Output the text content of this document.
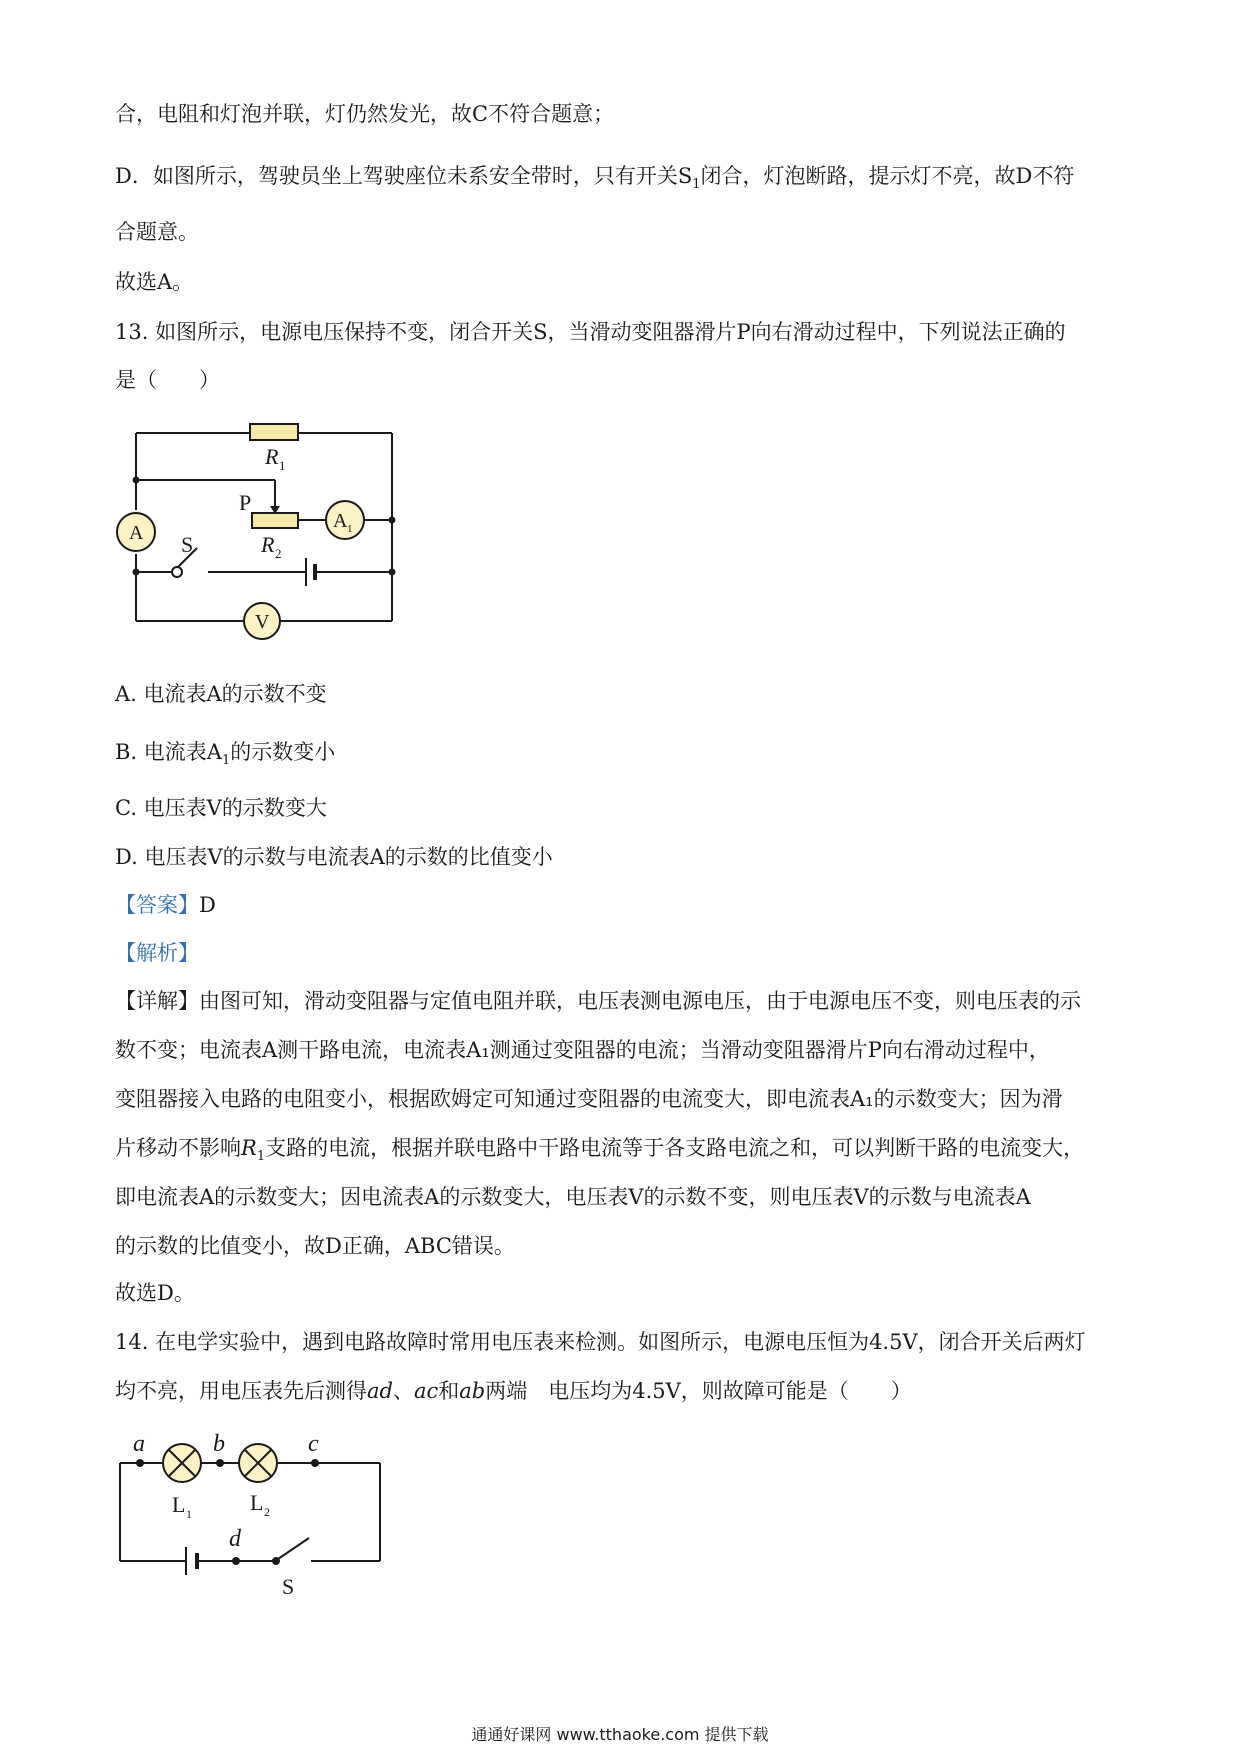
合，电阻和灯泡并联，灯仍然发光，故C不符合题意；
D．如图所示，驾驶员坐上驾驶座位未系安全带时，只有开关$S_1$闭合，灯泡断路，提示灯不亮，故D不符
合题意。
故选A。
13. 如图所示，电源电压保持不变，闭合开关S，当滑动变阻器滑片P向右滑动过程中，下列说法正确的
是（　　）
R 1
P
R 2
A
A 1
S
V
A. 电流表A的示数不变
B. 电流表$A_1$的示数变小
C. 电压表V的示数变大
D. 电压表V的示数与电流表A的示数的比值变小
【答案】D
【解析】
【详解】由图可知，滑动变阻器与定值电阻并联，电压表测电源电压，由于电源电压不变，则电压表的示
数不变；电流表A测干路电流，电流表A₁测通过变阻器的电流；当滑动变阻器滑片P向右滑动过程中，
变阻器接入电路的电阻变小，根据欧姆定可知通过变阻器的电流变大，即电流表A₁的示数变大；因为滑
片移动不影响$R_1$支路的电流，根据并联电路中干路电流等于各支路电流之和，可以判断干路的电流变大，
即电流表A的示数变大；因电流表A的示数变大，电压表V的示数不变，则电压表V的示数与电流表A
的示数的比值变小，故D正确，ABC错误。
故选D。
14. 在电学实验中，遇到电路故障时常用电压表来检测。如图所示，电源电压恒为4.5V，闭合开关后两灯
均不亮，用电压表先后测得ad、ac和ab两端　电压均为4.5V，则故障可能是（　　）
a	b	c
d
L 1	L 2
S
通通好课网 www.tthaoke.com 提供下载
